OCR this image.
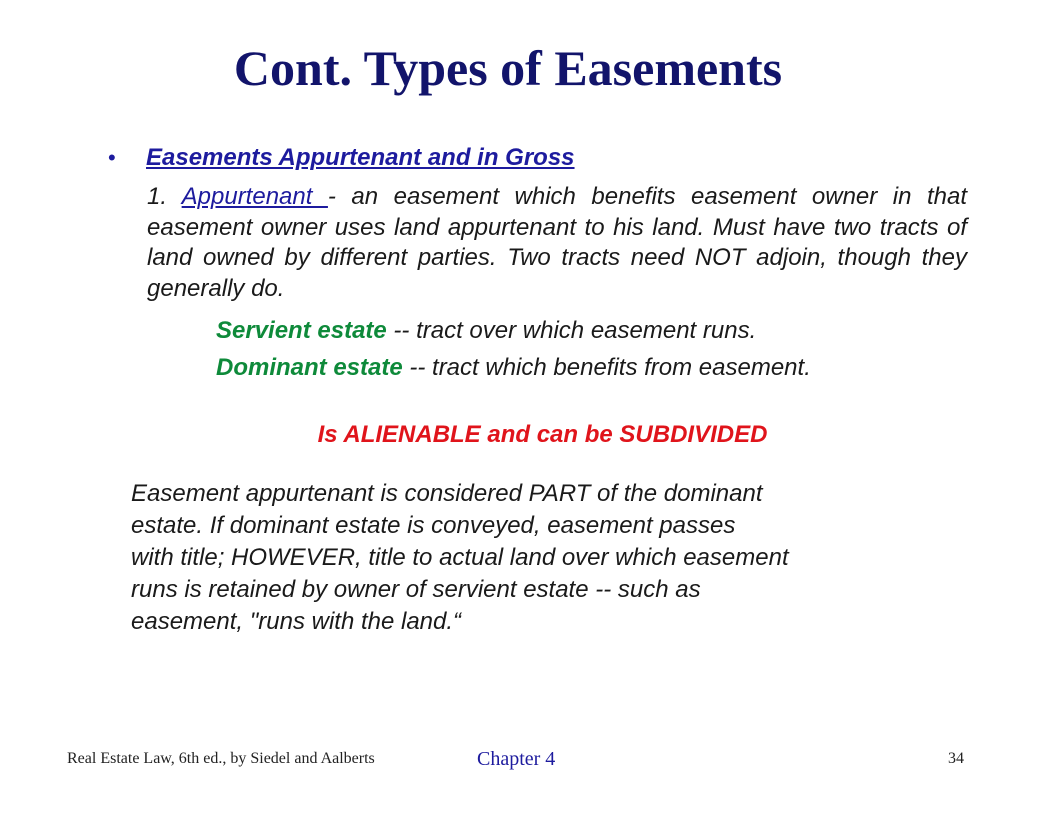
Cont. Types of Easements
• Easements Appurtenant and in Gross
1. Appurtenant - an easement which benefits easement owner in that easement owner uses land appurtenant to his land. Must have two tracts of land owned by different parties. Two tracts need NOT adjoin, though they generally do.
Servient estate -- tract over which easement runs.
Dominant estate -- tract which benefits from easement.
Is ALIENABLE and can be SUBDIVIDED
Easement appurtenant is considered PART of the dominant
estate. If dominant estate is conveyed, easement passes
with title; HOWEVER, title to actual land over which easement
runs is retained by owner of servient estate -- such as
easement, "runs with the land.“
Real Estate Law, 6th ed., by Siedel and Aalberts	Chapter 4	34
